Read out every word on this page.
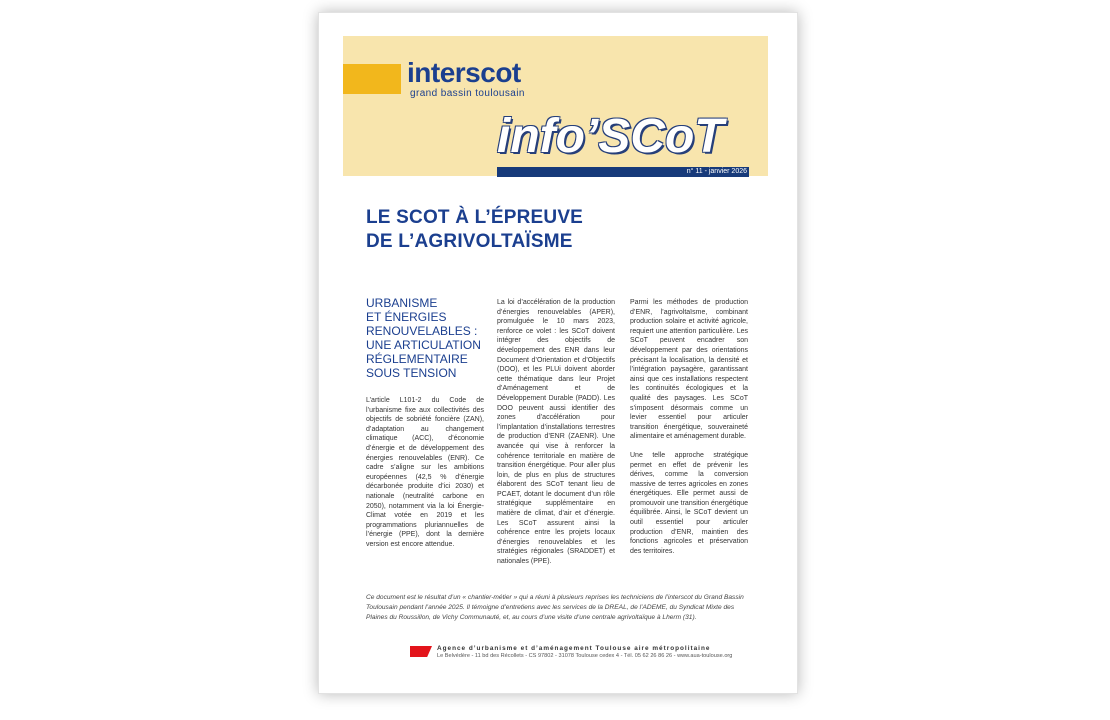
interscot
grand bassin toulousain
info’SCoT
n° 11 - janvier 2026
LE SCOT À L’ÉPREUVE
DE L’AGRIVOLTAÏSME
URBANISME
ET ÉNERGIES
RENOUVELABLES :
UNE ARTICULATION
RÉGLEMENTAIRE
SOUS TENSION

L’article L101-2 du Code de l’urbanisme fixe aux collectivités des objectifs de sobriété foncière (ZAN), d’adaptation au changement climatique (ACC), d’économie d’énergie et de développement des énergies renouvelables (ENR). Ce cadre s’aligne sur les ambitions européennes (42,5 % d’énergie décarbonée produite d’ici 2030) et nationale (neutralité carbone en 2050), notamment via la loi Énergie-Climat votée en 2019 et les programmations pluriannuelles de l’énergie (PPE), dont la dernière version est encore attendue.

La loi d’accélération de la production d’énergies renouvelables (APER), promulguée le 10 mars 2023, renforce ce volet : les SCoT doivent intégrer des objectifs de développement des ENR dans leur Document d’Orientation et d’Objectifs (DOO), et les PLUi doivent aborder cette thématique dans leur Projet d’Aménagement et de Développement Durable (PADD). Les DOO peuvent aussi identifier des zones d’accélération pour l’implantation d’installations terrestres de production d’ENR (ZAENR). Une avancée qui vise à renforcer la cohérence territoriale en matière de transition énergétique. Pour aller plus loin, de plus en plus de structures élaborent des SCoT tenant lieu de PCAET, dotant le document d’un rôle stratégique supplémentaire en matière de climat, d’air et d’énergie. Les SCoT assurent ainsi la cohérence entre les projets locaux d’énergies renouvelables et les stratégies régionales (SRADDET) et nationales (PPE).

Parmi les méthodes de production d’ENR, l’agrivoltaïsme, combinant production solaire et activité agricole, requiert une attention particulière. Les SCoT peuvent encadrer son développement par des orientations précisant la localisation, la densité et l’intégration paysagère, garantissant ainsi que ces installations respectent les continuités écologiques et la qualité des paysages. Les SCoT s’imposent désormais comme un levier essentiel pour articuler transition énergétique, souveraineté alimentaire et aménagement durable.

Une telle approche stratégique permet en effet de prévenir les dérives, comme la conversion massive de terres agricoles en zones énergétiques. Elle permet aussi de promouvoir une transition énergétique équilibrée. Ainsi, le SCoT devient un outil essentiel pour articuler production d’ENR, maintien des fonctions agricoles et préservation des territoires.

Ce document est le résultat d’un « chantier-métier » qui a réuni à plusieurs reprises les techniciens de l’interscot du Grand Bassin Toulousain pendant l’année 2025. Il témoigne d’entretiens avec les services de la DREAL, de l’ADEME, du Syndicat Mixte des Plaines du Roussillon, de Vichy Communauté, et, au cours d’une visite d’une centrale agrivoltaïque à Lherm (31).
Agence d’urbanisme et d’aménagement Toulouse aire métropolitaine
Le Belvédère - 11 bd des Récollets - CS 97802 - 31078 Toulouse cedex 4 - Tél. 05 62 26 86 26 - www.aua-toulouse.org
